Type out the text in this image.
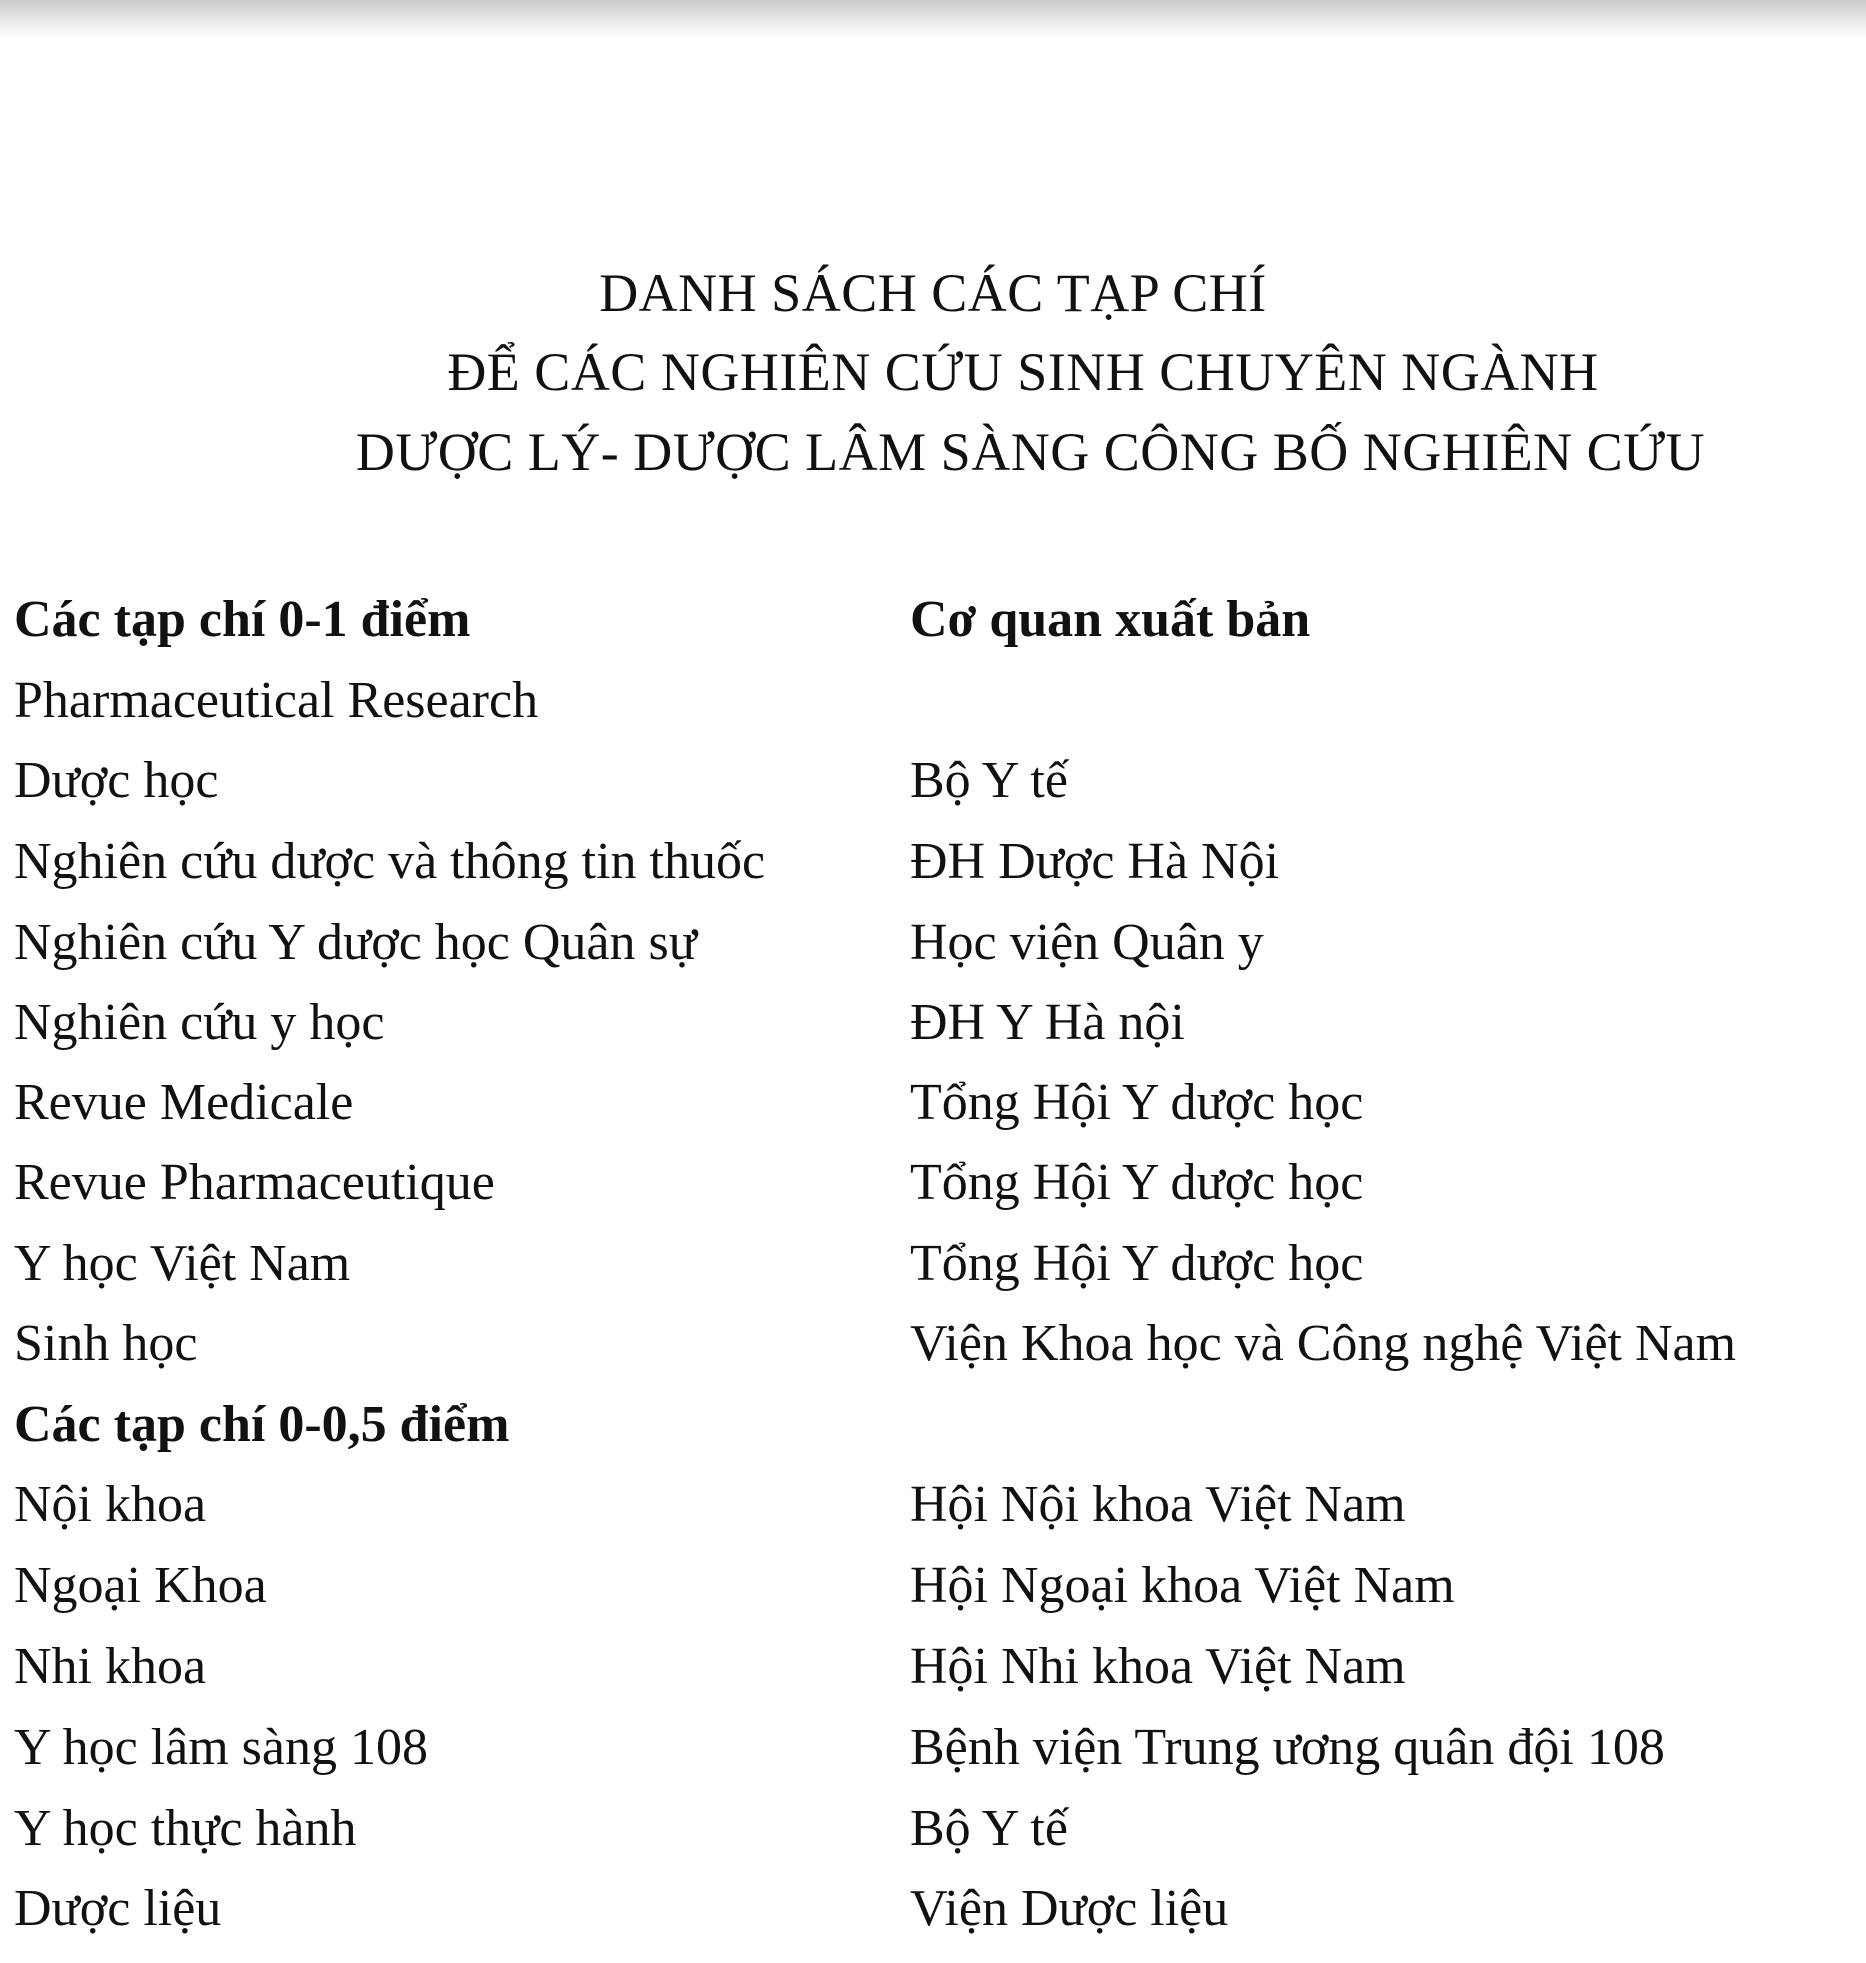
DANH SÁCH CÁC TẠP CHÍ
ĐỂ CÁC NGHIÊN CỨU SINH CHUYÊN NGÀNH
DƯỢC LÝ- DƯỢC LÂM SÀNG CÔNG BỐ NGHIÊN CỨU
Các tạp chí 0-1 điểm	Cơ quan xuất bản
Pharmaceutical Research
Dược học	Bộ Y tế
Nghiên cứu dược và thông tin thuốc	ĐH Dược Hà Nội
Nghiên cứu Y dược học Quân sự	Học viện Quân y
Nghiên cứu y học	ĐH Y Hà nội
Revue Medicale	Tổng Hội Y dược học
Revue Pharmaceutique	Tổng Hội Y dược học
Y học Việt Nam	Tổng Hội Y dược học
Sinh học	Viện Khoa học và Công nghệ Việt Nam
Các tạp chí 0-0,5 điểm
Nội khoa	Hội Nội khoa Việt Nam
Ngoại Khoa	Hội Ngoại khoa Việt Nam
Nhi khoa	Hội Nhi khoa Việt Nam
Y học lâm sàng 108	Bệnh viện Trung ương quân đội 108
Y học thực hành	Bộ Y tế
Dược liệu	Viện Dược liệu
